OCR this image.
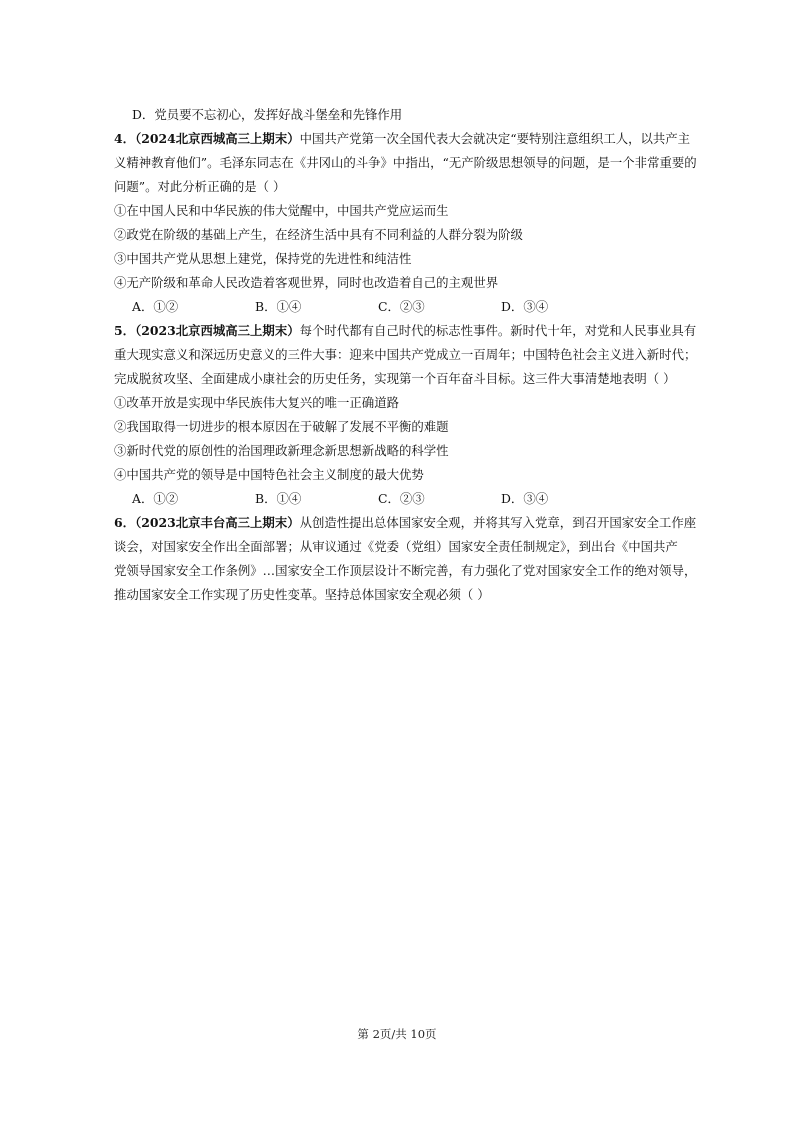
D．党员要不忘初心，发挥好战斗堡垒和先锋作用
4．（2024北京西城高三上期末）中国共产党第一次全国代表大会就决定“要特别注意组织工人，以共产主
义精神教育他们”。毛泽东同志在《井冈山的斗争》中指出，“无产阶级思想领导的问题，是一个非常重要的
问题”。对此分析正确的是（ ）
①在中国人民和中华民族的伟大觉醒中，中国共产党应运而生
②政党在阶级的基础上产生，在经济生活中具有不同利益的人群分裂为阶级
③中国共产党从思想上建党，保持党的先进性和纯洁性
④无产阶级和革命人民改造着客观世界，同时也改造着自己的主观世界
A．①②	B．①④	C．②③	D．③④
5．（2023北京西城高三上期末）每个时代都有自己时代的标志性事件。新时代十年，对党和人民事业具有
重大现实意义和深远历史意义的三件大事：迎来中国共产党成立一百周年；中国特色社会主义进入新时代；
完成脱贫攻坚、全面建成小康社会的历史任务，实现第一个百年奋斗目标。这三件大事清楚地表明（ ）
①改革开放是实现中华民族伟大复兴的唯一正确道路
②我国取得一切进步的根本原因在于破解了发展不平衡的难题
③新时代党的原创性的治国理政新理念新思想新战略的科学性
④中国共产党的领导是中国特色社会主义制度的最大优势
A．①②	B．①④	C．②③	D．③④
6．（2023北京丰台高三上期末）从创造性提出总体国家安全观，并将其写入党章，到召开国家安全工作座
谈会，对国家安全作出全面部署；从审议通过《党委（党组）国家安全责任制规定》，到出台《中国共产
党领导国家安全工作条例》…国家安全工作顶层设计不断完善，有力强化了党对国家安全工作的绝对领导，
推动国家安全工作实现了历史性变革。坚持总体国家安全观必须（ ）
第 2页/共 10页
